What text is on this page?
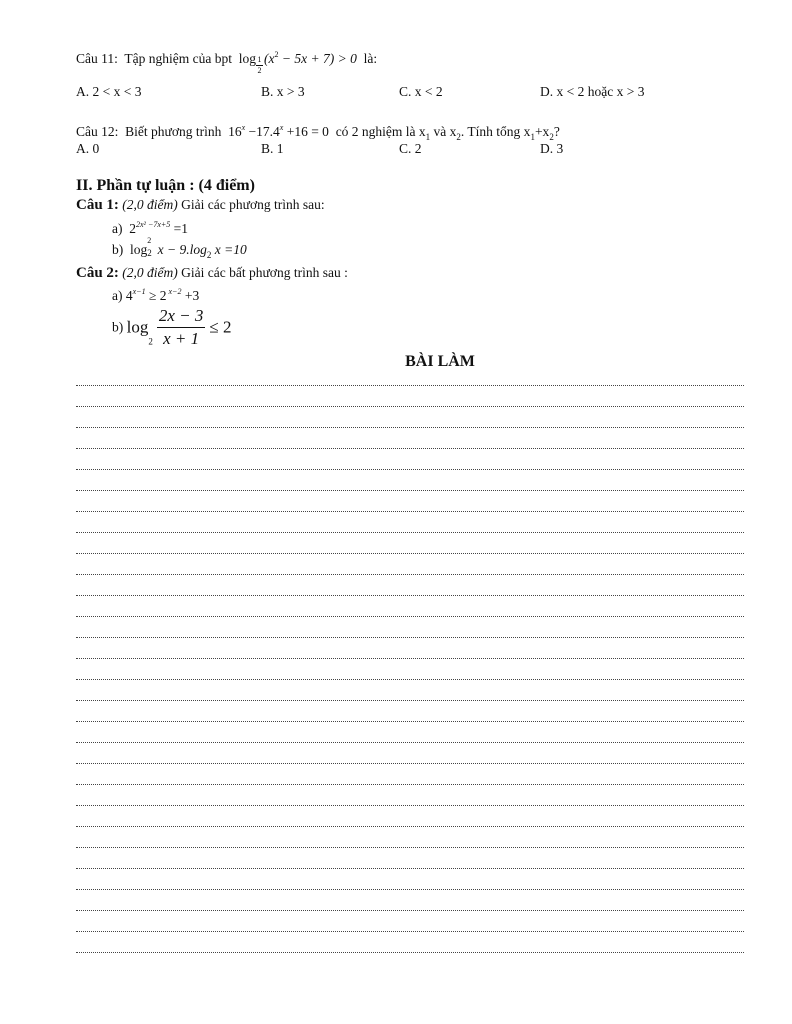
Câu 11: Tập nghiệm của bpt $\log\frac{1}{2}(x^2 - 5x + 7) > 0$ là:
A. 2 < x < 3	B. x > 3	C. x < 2	D. x < 2 hoặc x > 3
Câu 12: Biết phương trình $16^x -17.4^x +16 = 0$ có 2 nghiệm là $x_1$ và $x_2$. Tính tổng $x_1+x_2$?
A. 0	B. 1	C. 2	D. 3
II. Phần tự luận : (4 điểm)
Câu 1: (2,0 điểm) Giải các phương trình sau:
a) $2^{2x^2 -7x+5} =1$
b) log
2
2 $x - 9.\log_2$ x =10
Câu 2: (2,0 điểm) Giải các bất phương trình sau :
a) $4^{x-1} \ge 2$ $^{x-2}$ +3
b) $\log_2 \frac{2x - 3}{x + 1} \le 2$
BÀI LÀM
